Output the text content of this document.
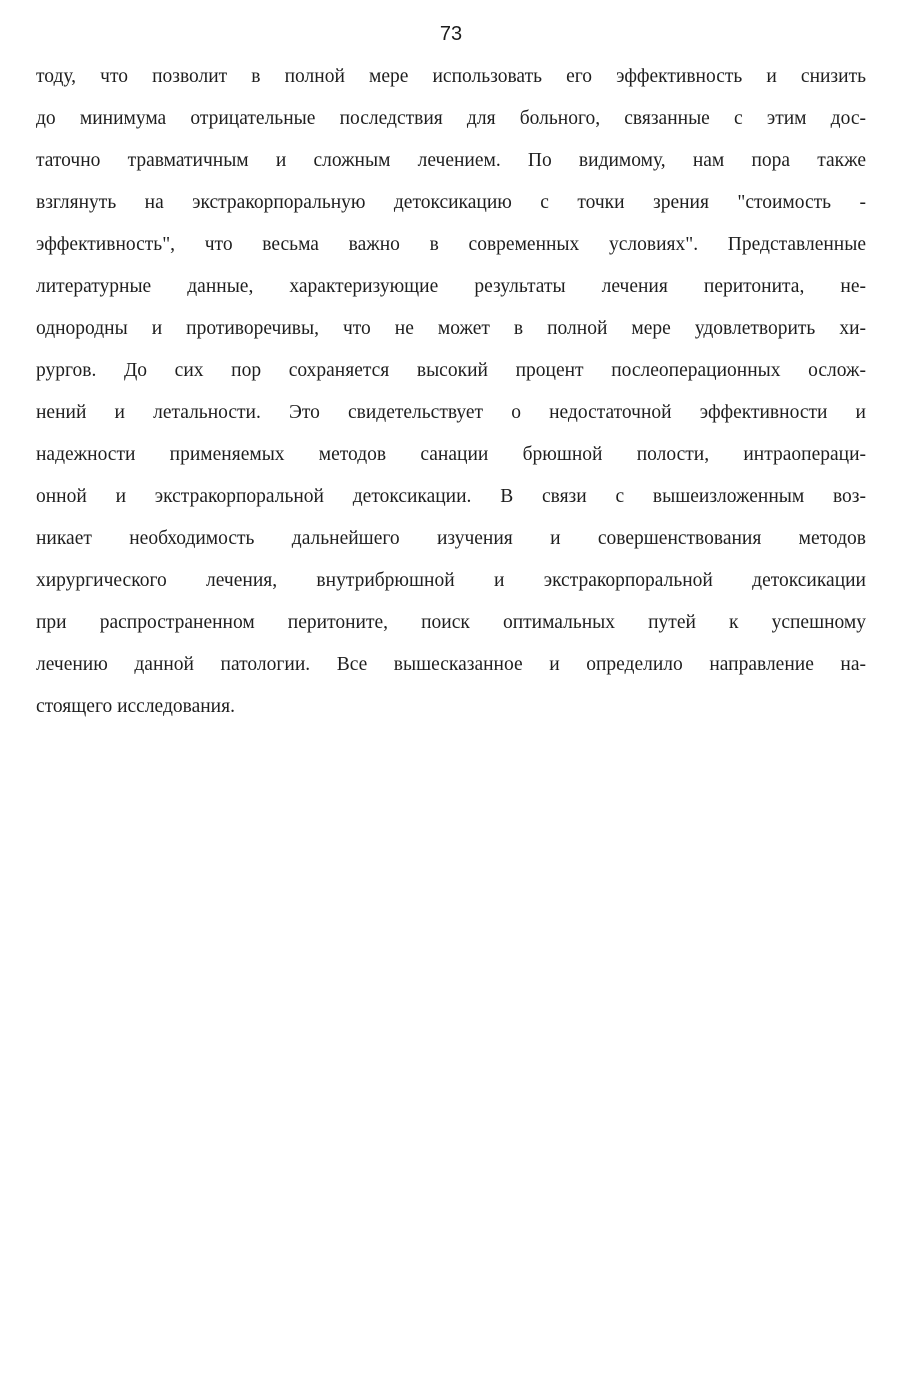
73
тоду, что позволит в полной мере использовать его эффективность и снизить
до минимума отрицательные последствия для больного, связанные с этим дос-
таточно травматичным и сложным лечением. По видимому, нам пора также
взглянуть на экстракорпоральную детоксикацию с точки зрения "стоимость -
эффективность", что весьма важно в современных условиях". Представленные
литературные данные, характеризующие результаты лечения перитонита, не-
однородны и противоречивы, что не может в полной мере удовлетворить хи-
рургов. До сих пор сохраняется высокий процент послеоперационных ослож-
нений и летальности. Это свидетельствует о недостаточной эффективности и
надежности применяемых методов санации брюшной полости, интраопераци-
онной и экстракорпоральной детоксикации. В связи с вышеизложенным воз-
никает необходимость дальнейшего изучения и совершенствования методов
хирургического лечения, внутрибрюшной и экстракорпоральной детоксикации
при распространенном перитоните, поиск оптимальных путей к успешному
лечению данной патологии. Все вышесказанное и определило направление на-
стоящего исследования.
